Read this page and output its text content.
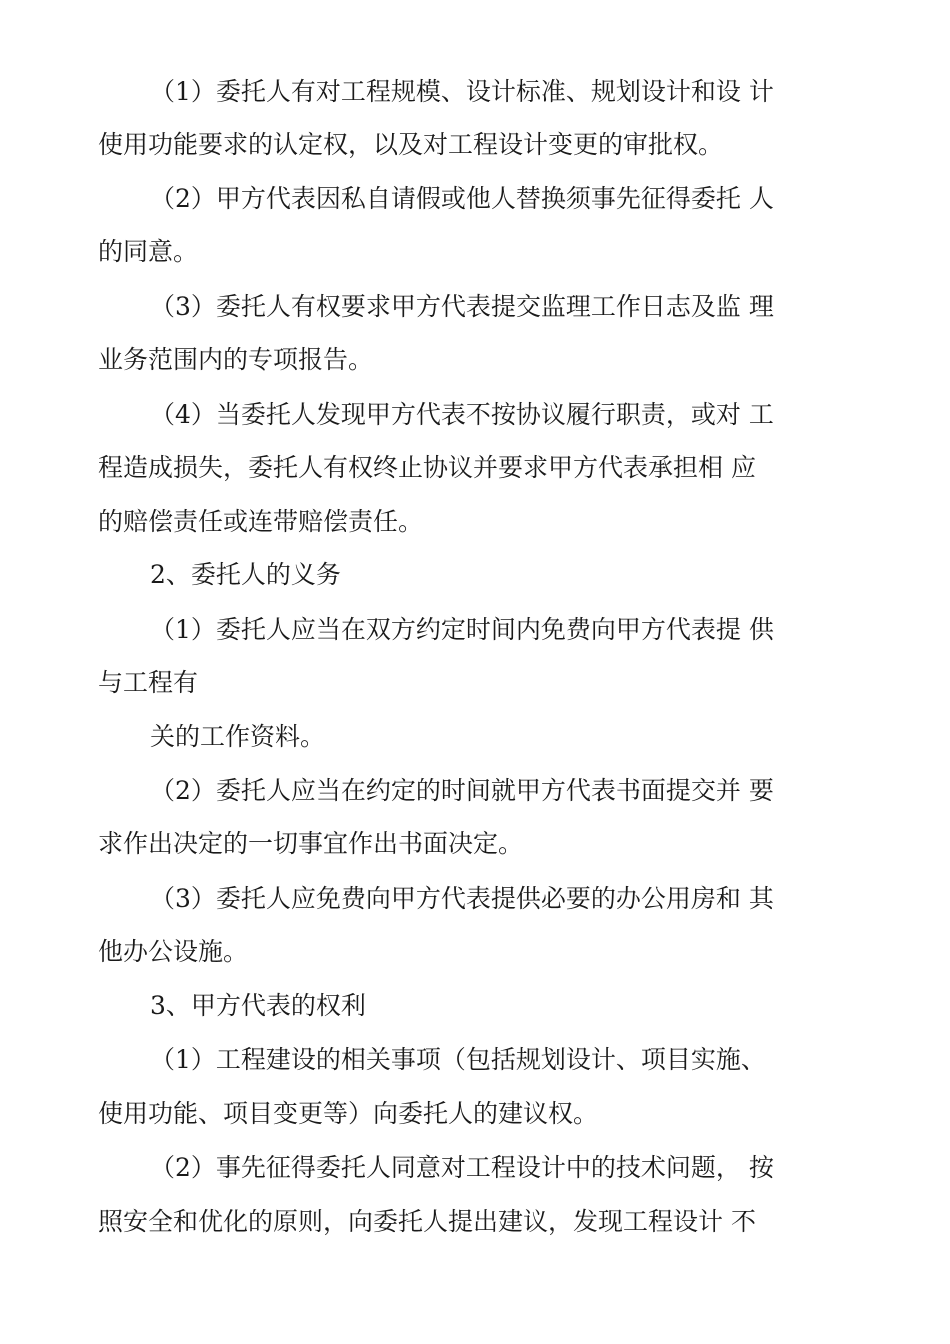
（1）委托人有对工程规模、设计标准、规划设计和设 计

使用功能要求的认定权，以及对工程设计变更的审批权。

（2）甲方代表因私自请假或他人替换须事先征得委托 人

的同意。

（3）委托人有权要求甲方代表提交监理工作日志及监 理

业务范围内的专项报告。

（4）当委托人发现甲方代表不按协议履行职责，或对 工

程造成损失，委托人有权终止协议并要求甲方代表承担相 应

的赔偿责任或连带赔偿责任。

2、委托人的义务

（1）委托人应当在双方约定时间内免费向甲方代表提 供

与工程有

关的工作资料。

（2）委托人应当在约定的时间就甲方代表书面提交并 要

求作出决定的一切事宜作出书面决定。

（3）委托人应免费向甲方代表提供必要的办公用房和 其

他办公设施。

3、甲方代表的权利

（1）工程建设的相关事项（包括规划设计、项目实施、

使用功能、项目变更等）向委托人的建议权。

（2）事先征得委托人同意对工程设计中的技术问题， 按

照安全和优化的原则，向委托人提出建议，发现工程设计 不
